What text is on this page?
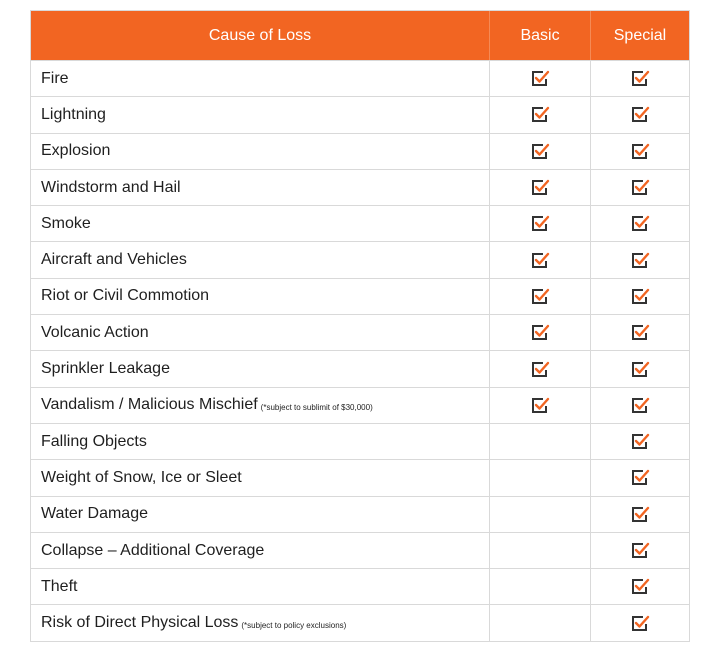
Cause of Loss	Basic	Special
Fire
Lightning
Explosion
Windstorm and Hail
Smoke
Aircraft and Vehicles
Riot or Civil Commotion
Volcanic Action
Sprinkler Leakage
Vandalism / Malicious Mischief (*subject to sublimit of $30,000)
Falling Objects
Weight of Snow, Ice or Sleet
Water Damage
Collapse – Additional Coverage
Theft
Risk of Direct Physical Loss (*subject to policy exclusions)
